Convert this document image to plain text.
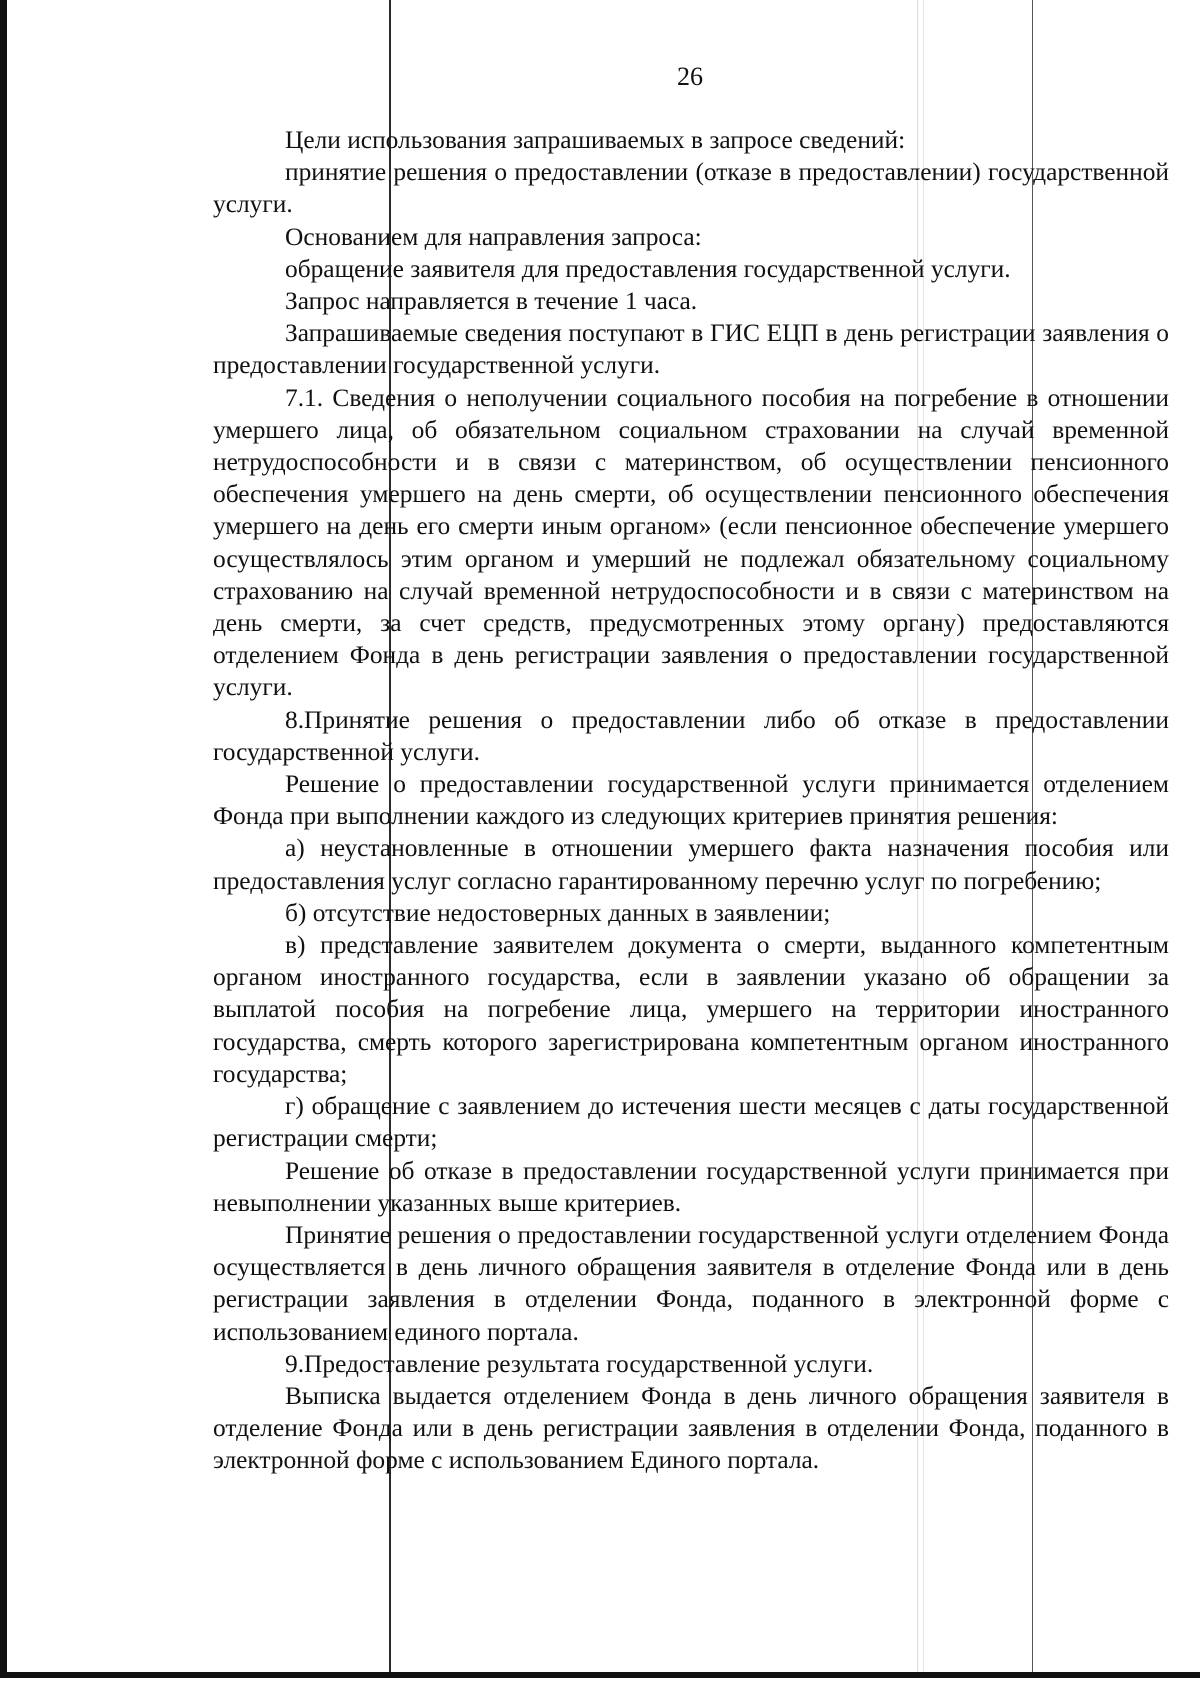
26

Цели использования запрашиваемых в запросе сведений:

принятие решения о предоставлении (отказе в предоставлении) государственной услуги.

Основанием для направления запроса:

обращение заявителя для предоставления государственной услуги.

Запрос направляется в течение 1 часа.

Запрашиваемые сведения поступают в ГИС ЕЦП в день регистрации заявления о предоставлении государственной услуги.

7.1. Сведения о неполучении социального пособия на погребение в отношении умершего лица, об обязательном социальном страховании на случай временной нетрудоспособности и в связи с материнством, об осуществлении пенсионного обеспечения умершего на день смерти, об осуществлении пенсионного обеспечения умершего на день его смерти иным органом» (если пенсионное обеспечение умершего осуществлялось этим органом и умерший не подлежал обязательному социальному страхованию на случай временной нетрудоспособности и в связи с материнством на день смерти, за счет средств, предусмотренных этому органу) предоставляются отделением Фонда в день регистрации заявления о предоставлении государственной услуги.

8.Принятие решения о предоставлении либо об отказе в предоставлении государственной услуги.

Решение о предоставлении государственной услуги принимается отделением Фонда при выполнении каждого из следующих критериев принятия решения:

а) неустановленные в отношении умершего факта назначения пособия или предоставления услуг согласно гарантированному перечню услуг по погребению;

б) отсутствие недостоверных данных в заявлении;

в) представление заявителем документа о смерти, выданного компетентным органом иностранного государства, если в заявлении указано об обращении за выплатой пособия на погребение лица, умершего на территории иностранного государства, смерть которого зарегистрирована компетентным органом иностранного государства;

г) обращение с заявлением до истечения шести месяцев с даты государственной регистрации смерти;

Решение об отказе в предоставлении государственной услуги принимается при невыполнении указанных выше критериев.

Принятие решения о предоставлении государственной услуги отделением Фонда осуществляется в день личного обращения заявителя в отделение Фонда или в день регистрации заявления в отделении Фонда, поданного в электронной форме с использованием единого портала.

9.Предоставление результата государственной услуги.

Выписка выдается отделением Фонда в день личного обращения заявителя в отделение Фонда или в день регистрации заявления в отделении Фонда, поданного в электронной форме с использованием Единого портала.
